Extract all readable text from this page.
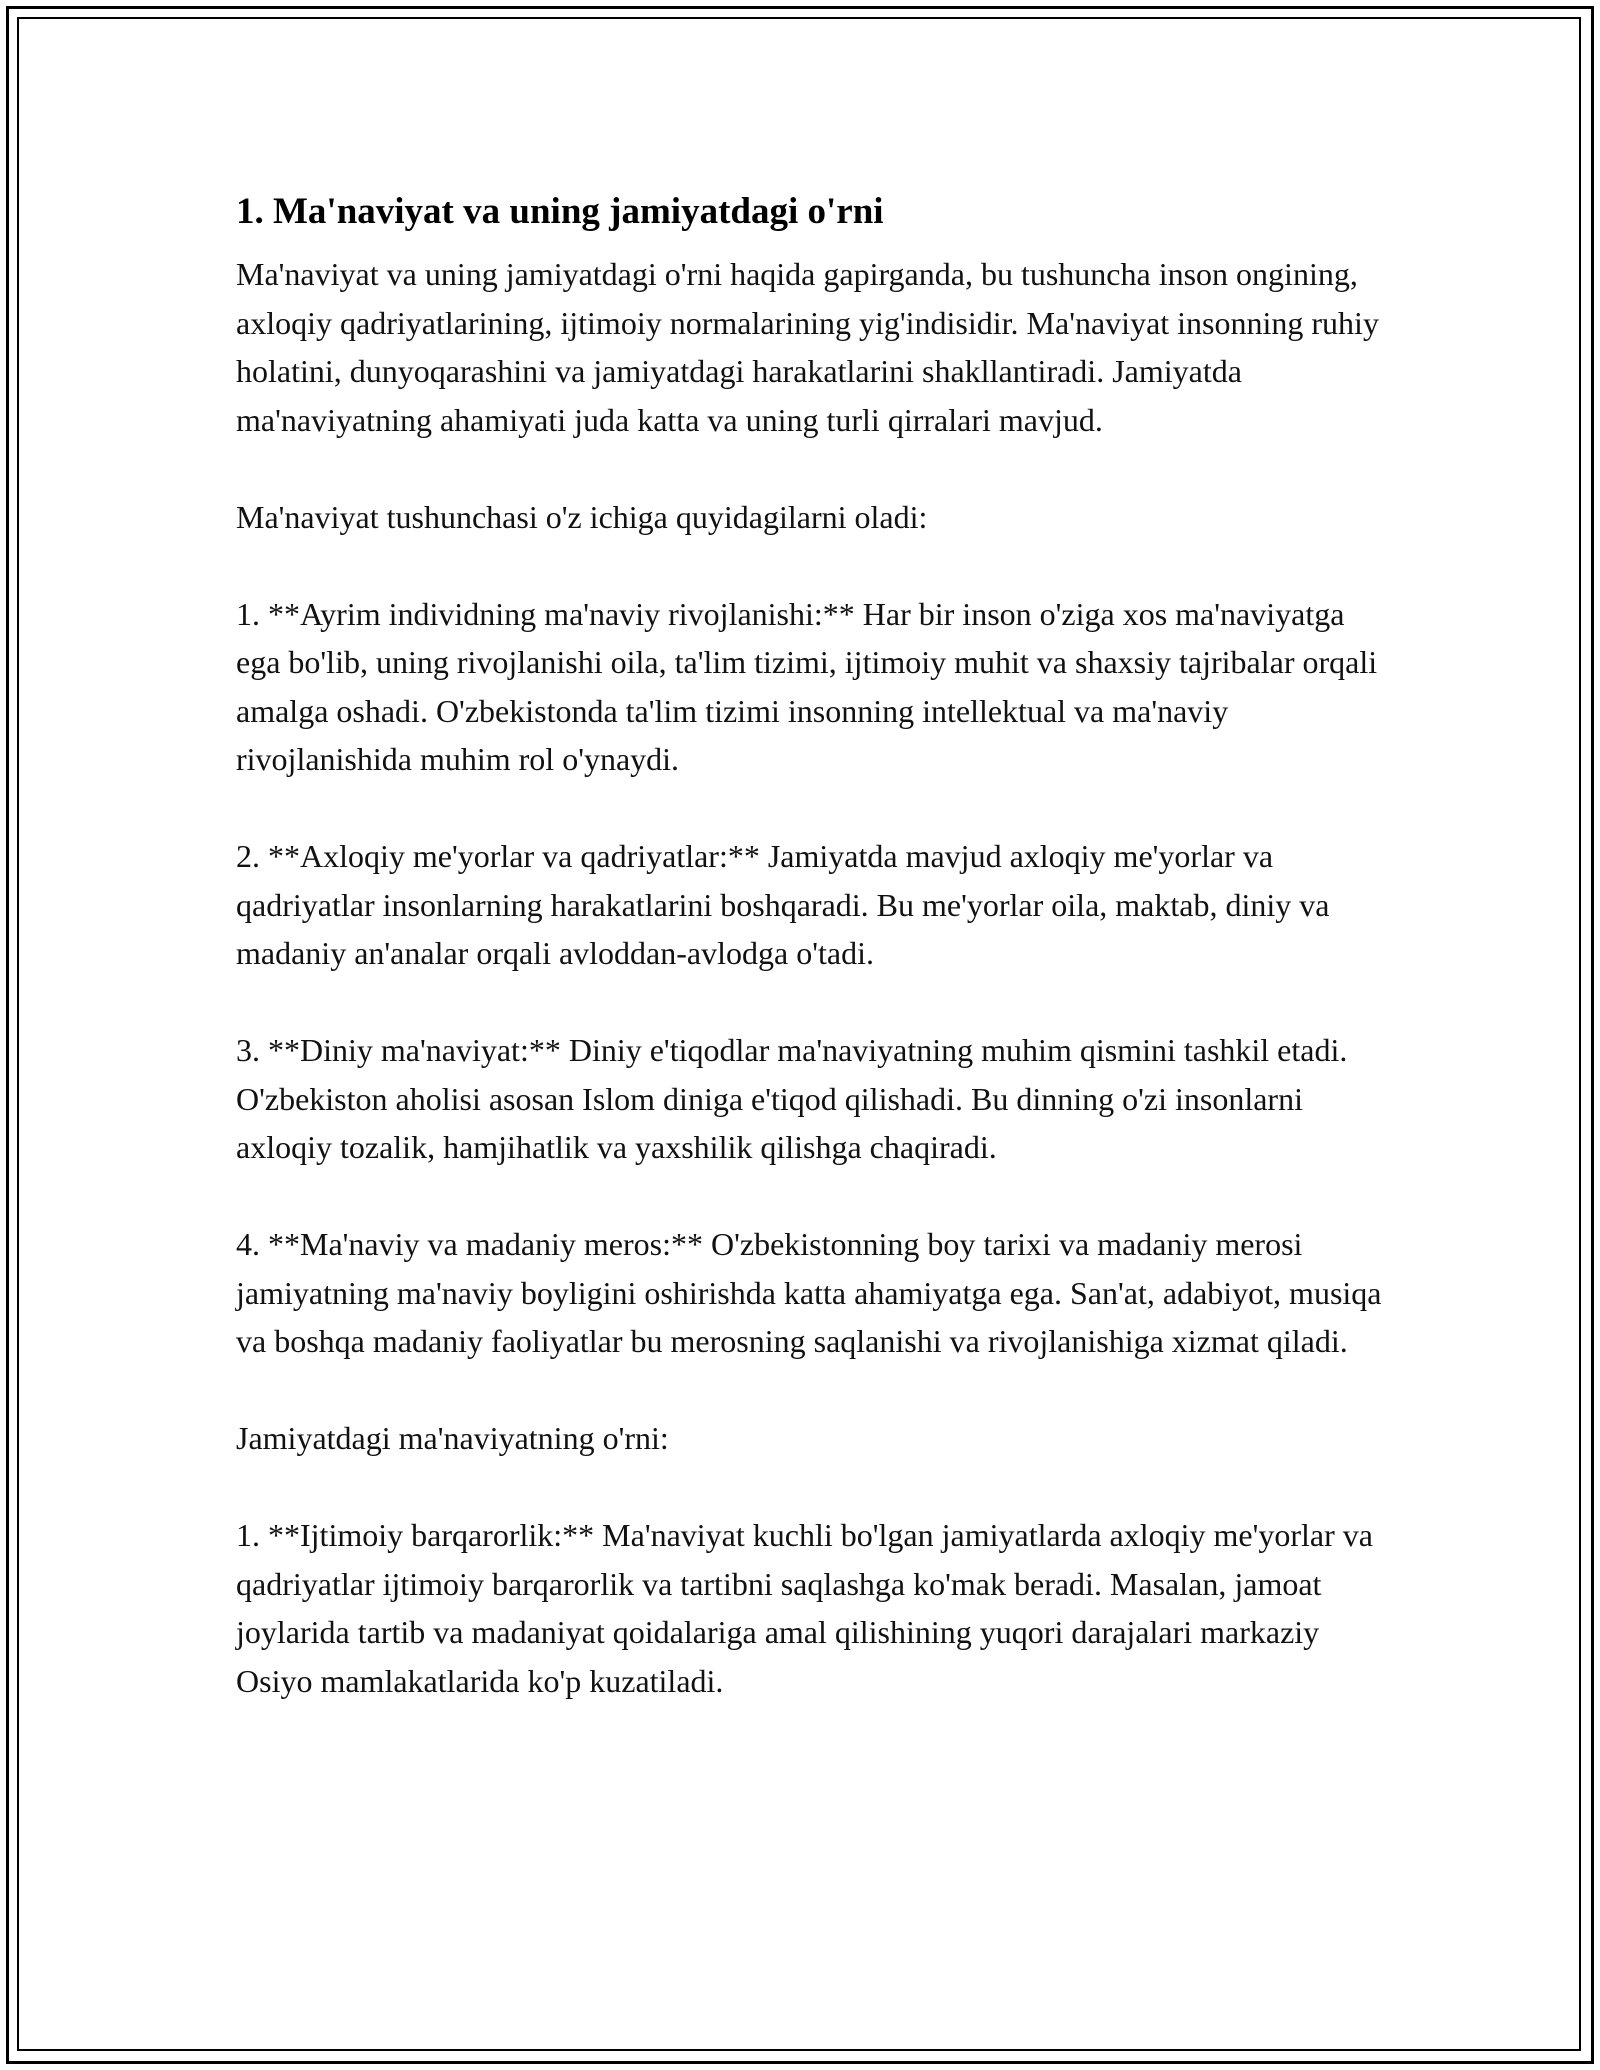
1. Ma'naviyat va uning jamiyatdagi o'rni

Ma'naviyat va uning jamiyatdagi o'rni haqida gapirganda, bu tushuncha inson ongining, axloqiy qadriyatlarining, ijtimoiy normalarining yig'indisidir. Ma'naviyat insonning ruhiy holatini, dunyoqarashini va jamiyatdagi harakatlarini shakllantiradi. Jamiyatda ma'naviyatning ahamiyati juda katta va uning turli qirralari mavjud.

Ma'naviyat tushunchasi o'z ichiga quyidagilarni oladi:

1. **Ayrim individning ma'naviy rivojlanishi:** Har bir inson o'ziga xos ma'naviyatga ega bo'lib, uning rivojlanishi oila, ta'lim tizimi, ijtimoiy muhit va shaxsiy tajribalar orqali amalga oshadi. O'zbekistonda ta'lim tizimi insonning intellektual va ma'naviy rivojlanishida muhim rol o'ynaydi.

2. **Axloqiy me'yorlar va qadriyatlar:** Jamiyatda mavjud axloqiy me'yorlar va qadriyatlar insonlarning harakatlarini boshqaradi. Bu me'yorlar oila, maktab, diniy va madaniy an'analar orqali avloddan-avlodga o'tadi.

3. **Diniy ma'naviyat:** Diniy e'tiqodlar ma'naviyatning muhim qismini tashkil etadi. O'zbekiston aholisi asosan Islom diniga e'tiqod qilishadi. Bu dinning o'zi insonlarni axloqiy tozalik, hamjihatlik va yaxshilik qilishga chaqiradi.

4. **Ma'naviy va madaniy meros:** O'zbekistonning boy tarixi va madaniy merosi jamiyatning ma'naviy boyligini oshirishda katta ahamiyatga ega. San'at, adabiyot, musiqa va boshqa madaniy faoliyatlar bu merosning saqlanishi va rivojlanishiga xizmat qiladi.

Jamiyatdagi ma'naviyatning o'rni:

1. **Ijtimoiy barqarorlik:** Ma'naviyat kuchli bo'lgan jamiyatlarda axloqiy me'yorlar va qadriyatlar ijtimoiy barqarorlik va tartibni saqlashga ko'mak beradi. Masalan, jamoat joylarida tartib va madaniyat qoidalariga amal qilishining yuqori darajalari markaziy Osiyo mamlakatlarida ko'p kuzatiladi.
